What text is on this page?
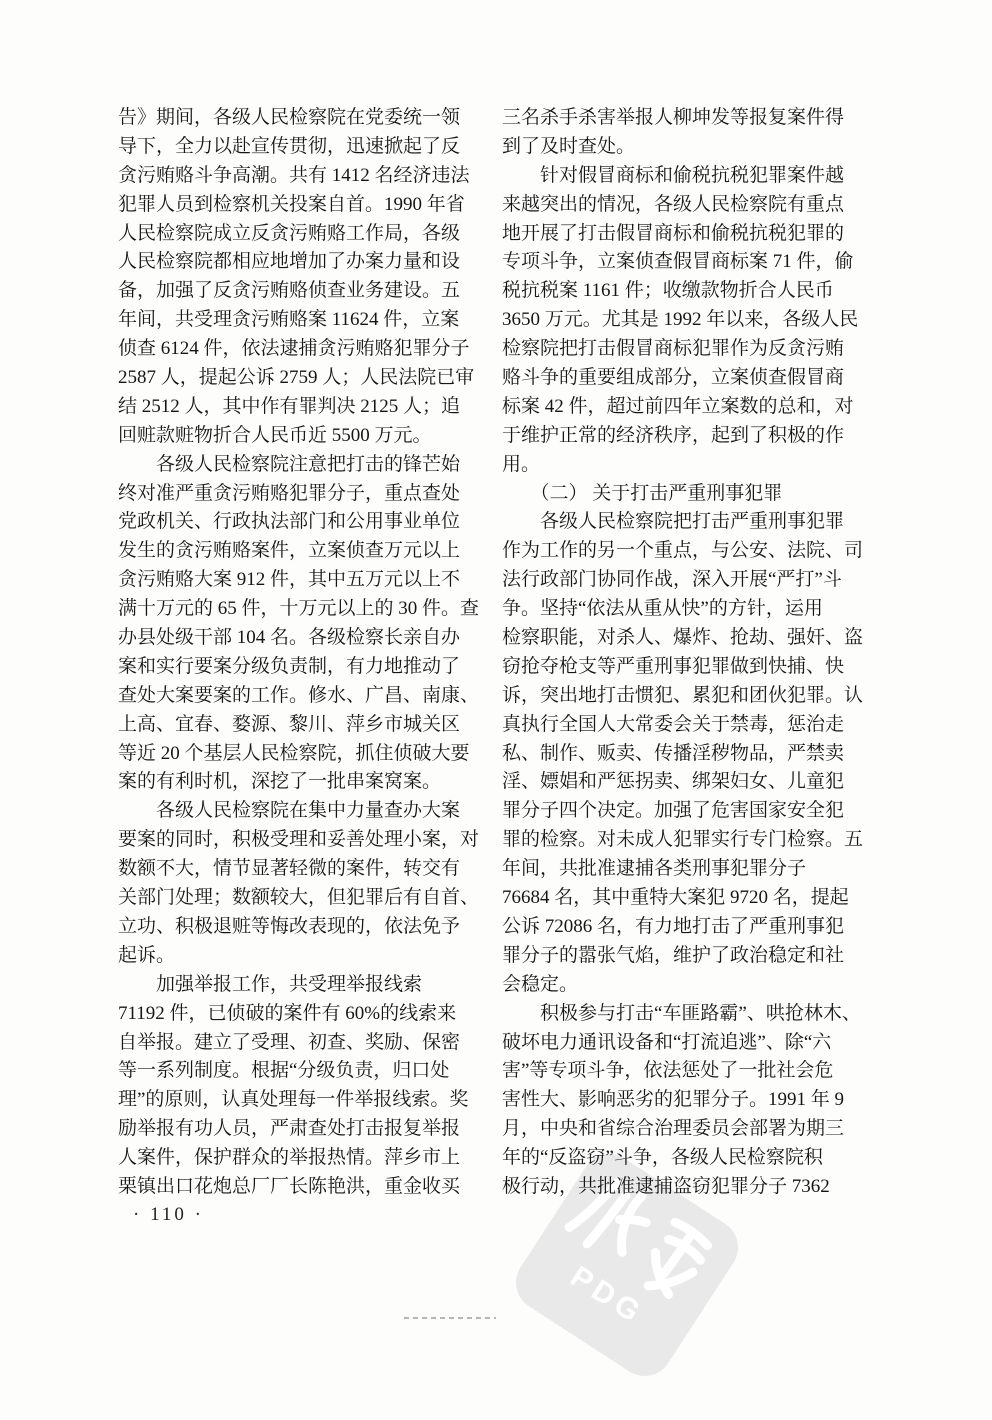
PDG
告》期间，各级人民检察院在党委统一领
导下，全力以赴宣传贯彻，迅速掀起了反
贪污贿赂斗争高潮。共有 1412 名经济违法
犯罪人员到检察机关投案自首。1990 年省
人民检察院成立反贪污贿赂工作局，各级
人民检察院都相应地增加了办案力量和设
备，加强了反贪污贿赂侦查业务建设。五
年间，共受理贪污贿赂案 11624 件，立案
侦查 6124 件，依法逮捕贪污贿赂犯罪分子
2587 人，提起公诉 2759 人；人民法院已审
结 2512 人，其中作有罪判决 2125 人；追
回赃款赃物折合人民币近 5500 万元。
　　各级人民检察院注意把打击的锋芒始
终对准严重贪污贿赂犯罪分子，重点查处
党政机关、行政执法部门和公用事业单位
发生的贪污贿赂案件，立案侦查万元以上
贪污贿赂大案 912 件，其中五万元以上不
满十万元的 65 件，十万元以上的 30 件。查
办县处级干部 104 名。各级检察长亲自办
案和实行要案分级负责制，有力地推动了
查处大案要案的工作。修水、广昌、南康、
上高、宜春、婺源、黎川、萍乡市城关区
等近 20 个基层人民检察院，抓住侦破大要
案的有利时机，深挖了一批串案窝案。
　　各级人民检察院在集中力量查办大案
要案的同时，积极受理和妥善处理小案，对
数额不大，情节显著轻微的案件，转交有
关部门处理；数额较大，但犯罪后有自首、
立功、积极退赃等悔改表现的，依法免予
起诉。
　　加强举报工作，共受理举报线索
71192 件，已侦破的案件有 60%的线索来
自举报。建立了受理、初查、奖励、保密
等一系列制度。根据“分级负责，归口处
理”的原则，认真处理每一件举报线索。奖
励举报有功人员，严肃查处打击报复举报
人案件，保护群众的举报热情。萍乡市上
栗镇出口花炮总厂厂长陈艳洪，重金收买
三名杀手杀害举报人柳坤发等报复案件得
到了及时查处。
　　针对假冒商标和偷税抗税犯罪案件越
来越突出的情况，各级人民检察院有重点
地开展了打击假冒商标和偷税抗税犯罪的
专项斗争，立案侦查假冒商标案 71 件，偷
税抗税案 1161 件；收缴款物折合人民币
3650 万元。尤其是 1992 年以来，各级人民
检察院把打击假冒商标犯罪作为反贪污贿
赂斗争的重要组成部分，立案侦查假冒商
标案 42 件，超过前四年立案数的总和，对
于维护正常的经济秩序，起到了积极的作
用。
　　（二） 关于打击严重刑事犯罪
　　各级人民检察院把打击严重刑事犯罪
作为工作的另一个重点，与公安、法院、司
法行政部门协同作战，深入开展“严打”斗
争。坚持“依法从重从快”的方针，运用
检察职能，对杀人、爆炸、抢劫、强奸、盗
窃抢夺枪支等严重刑事犯罪做到快捕、快
诉，突出地打击惯犯、累犯和团伙犯罪。认
真执行全国人大常委会关于禁毒，惩治走
私、制作、贩卖、传播淫秽物品，严禁卖
淫、嫖娼和严惩拐卖、绑架妇女、儿童犯
罪分子四个决定。加强了危害国家安全犯
罪的检察。对未成人犯罪实行专门检察。五
年间，共批准逮捕各类刑事犯罪分子
76684 名，其中重特大案犯 9720 名，提起
公诉 72086 名，有力地打击了严重刑事犯
罪分子的嚣张气焰，维护了政治稳定和社
会稳定。
　　积极参与打击“车匪路霸”、哄抢林木、
破坏电力通讯设备和“打流追逃”、除“六
害”等专项斗争，依法惩处了一批社会危
害性大、影响恶劣的犯罪分子。1991 年 9
月，中央和省综合治理委员会部署为期三
年的“反盗窃”斗争，各级人民检察院积
极行动，共批准逮捕盗窃犯罪分子 7362
· 110 ·
